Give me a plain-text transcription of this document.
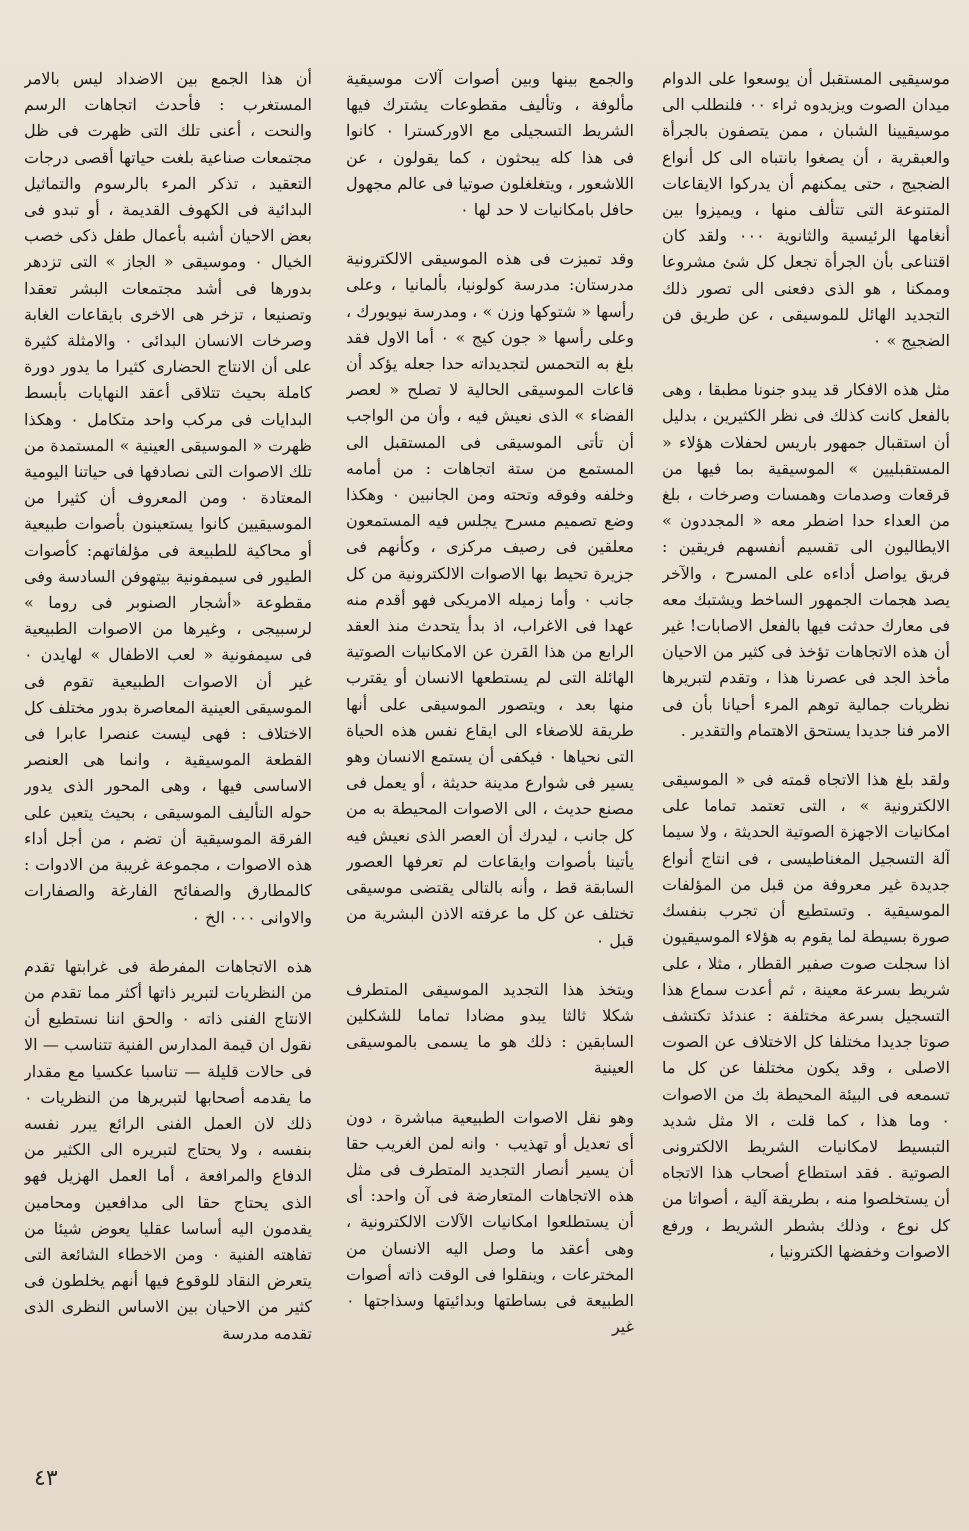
موسيقيى المستقبل أن يوسعوا على الدوام ميدان الصوت ويزيدوه ثراء ٠٠ فلنطلب الى موسيقيينا الشبان ، ممن يتصفون بالجرأة والعبقرية ، أن يصغوا بانتباه الى كل أنواع الضجيج ، حتى يمكنهم أن يدركوا الايقاعات المتنوعة التى تتألف منها ، ويميزوا بين أنغامها الرئيسية والثانوية ٠٠٠ ولقد كان اقتناعى بأن الجرأة تجعل كل شئ مشروعا وممكنا ، هو الذى دفعنى الى تصور ذلك التجديد الهائل للموسيقى ، عن طريق فن الضجيج » ٠

مثل هذه الافكار قد يبدو جنونا مطبقا ، وهى بالفعل كانت كذلك فى نظر الكثيرين ، بدليل أن استقبال جمهور باريس لحفلات هؤلاء « المستقبليين » الموسيقية بما فيها من قرقعات وصدمات وهمسات وصرخات ، بلغ من العداء حدا اضطر معه « المجددون » الايطاليون الى تقسيم أنفسهم فريقين : فريق يواصل أداءه على المسرح ، والآخر يصد هجمات الجمهور الساخط ويشتبك معه فى معارك حدثت فيها بالفعل الاصابات! غير أن هذه الاتجاهات تؤخذ فى كثير من الاحيان مأخذ الجد فى عصرنا هذا ، وتقدم لتبريرها نظريات جمالية توهم المرء أحيانا بأن فى الامر فنا جديدا يستحق الاهتمام والتقدير .

ولقد بلغ هذا الاتجاه قمته فى « الموسيقى الالكترونية » ، التى تعتمد تماما على امكانيات الاجهزة الصوتية الحديثة ، ولا سيما آلة التسجيل المغناطيسى ، فى انتاج أنواع جديدة غير معروفة من قبل من المؤلفات الموسيقية . وتستطيع أن تجرب بنفسك صورة بسيطة لما يقوم به هؤلاء الموسيقيون اذا سجلت صوت صفير القطار ، مثلا ، على شريط بسرعة معينة ، ثم أعدت سماع هذا التسجيل بسرعة مختلفة : عندئذ تكتشف صوتا جديدا مختلفا كل الاختلاف عن الصوت الاصلى ، وقد يكون مختلفا عن كل ما تسمعه فى البيئة المحيطة بك من الاصوات ٠ وما هذا ، كما قلت ، الا مثل شديد التبسيط لامكانيات الشريط الالكترونى الصوتية . فقد استطاع أصحاب هذا الاتجاه أن يستخلصوا منه ، بطريقة آلية ، أصواتا من كل نوع ، وذلك بشطر الشريط ، ورفع الاصوات وخفضها الكترونيا ،

والجمع بينها وبين أصوات آلات موسيقية مألوفة ، وتأليف مقطوعات يشترك فيها الشريط التسجيلى مع الاوركسترا ٠ كانوا فى هذا كله يبحثون ، كما يقولون ، عن اللاشعور ، ويتغلغلون صوتيا فى عالم مجهول حافل بامكانيات لا حد لها ٠

وقد تميزت فى هذه الموسيقى الالكترونية مدرستان: مدرسة كولونيا، بألمانيا ، وعلى رأسها « شتوكها وزن » ، ومدرسة نيويورك ، وعلى رأسها « جون كيج » ٠ أما الاول فقد بلغ به التحمس لتجديداته حدا جعله يؤكد أن قاعات الموسيقى الحالية لا تصلح « لعصر الفضاء » الذى نعيش فيه ، وأن من الواجب أن تأتى الموسيقى فى المستقبل الى المستمع من ستة اتجاهات : من أمامه وخلفه وفوقه وتحته ومن الجانبين ٠ وهكذا وضع تصميم مسرح يجلس فيه المستمعون معلقين فى رصيف مركزى ، وكأنهم فى جزيرة تحيط بها الاصوات الالكترونية من كل جانب ٠ وأما زميله الامريكى فهو أقدم منه عهدا فى الاغراب، اذ بدأ يتحدث منذ العقد الرابع من هذا القرن عن الامكانيات الصوتية الهائلة التى لم يستطعها الانسان أو يقترب منها بعد ، ويتصور الموسيقى على أنها طريقة للاصغاء الى ايقاع نفس هذه الحياة التى نحياها ٠ فيكفى أن يستمع الانسان وهو يسير فى شوارع مدينة حديثة ، أو يعمل فى مصنع حديث ، الى الاصوات المحيطة به من كل جانب ، ليدرك أن العصر الذى نعيش فيه يأتينا بأصوات وايقاعات لم تعرفها العصور السابقة قط ، وأنه بالتالى يقتضى موسيقى تختلف عن كل ما عرفته الاذن البشرية من قبل ٠

ويتخذ هذا التجديد الموسيقى المتطرف شكلا ثالثا يبدو مضادا تماما للشكلين السابقين : ذلك هو ما يسمى بالموسيقى العينية

وهو نقل الاصوات الطبيعية مباشرة ، دون أى تعديل أو تهذيب ٠ وانه لمن الغريب حقا أن يسير أنصار التجديد المتطرف فى مثل هذه الاتجاهات المتعارضة فى آن واحد: أى أن يستطلعوا امكانيات الآلات الالكترونية ، وهى أعقد ما وصل اليه الانسان من المخترعات ، وينقلوا فى الوقت ذاته أصوات الطبيعة فى بساطتها وبدائيتها وسذاجتها ٠ غير

أن هذا الجمع بين الاضداد ليس بالامر المستغرب : فأحدث اتجاهات الرسم والنحت ، أعنى تلك التى ظهرت فى ظل مجتمعات صناعية بلغت حياتها أقصى درجات التعقيد ، تذكر المرء بالرسوم والتماثيل البدائية فى الكهوف القديمة ، أو تبدو فى بعض الاحيان أشبه بأعمال طفل ذكى خصب الخيال ٠ وموسيقى « الجاز » التى تزدهر بدورها فى أشد مجتمعات البشر تعقدا وتصنيعا ، تزخر هى الاخرى بايقاعات الغابة وصرخات الانسان البدائى ٠ والامثلة كثيرة على أن الانتاج الحضارى كثيرا ما يدور دورة كاملة بحيث تتلاقى أعقد النهايات بأبسط البدايات فى مركب واحد متكامل ٠ وهكذا ظهرت « الموسيقى العينية » المستمدة من تلك الاصوات التى نصادفها فى حياتنا اليومية المعتادة ٠ ومن المعروف أن كثيرا من الموسيقيين كانوا يستعينون بأصوات طبيعية أو محاكية للطبيعة فى مؤلفاتهم: كأصوات الطيور فى سيمفونية بيتهوفن السادسة وفى مقطوعة «أشجار الصنوبر فى روما » لرسبيجى ، وغيرها من الاصوات الطبيعية فى سيمفونية « لعب الاطفال » لهايدن ٠ غير أن الاصوات الطبيعية تقوم فى الموسيقى العينية المعاصرة بدور مختلف كل الاختلاف : فهى ليست عنصرا عابرا فى القطعة الموسيقية ، وانما هى العنصر الاساسى فيها ، وهى المحور الذى يدور حوله التأليف الموسيقى ، بحيث يتعين على الفرقة الموسيقية أن تضم ، من أجل أداء هذه الاصوات ، مجموعة غريبة من الادوات : كالمطارق والصفائح الفارغة والصفارات والاوانى ٠٠٠ الخ ٠

هذه الاتجاهات المفرطة فى غرابتها تقدم من النظريات لتبرير ذاتها أكثر مما تقدم من الانتاج الفنى ذاته ٠ والحق اننا نستطيع أن نقول ان قيمة المدارس الفنية تتناسب — الا فى حالات قليلة — تناسبا عكسيا مع مقدار ما يقدمه أصحابها لتبريرها من النظريات ٠ ذلك لان العمل الفنى الرائع يبرر نفسه بنفسه ، ولا يحتاج لتبريره الى الكثير من الدفاع والمرافعة ، أما العمل الهزيل فهو الذى يحتاج حقا الى مدافعين ومحامين يقدمون اليه أساسا عقليا يعوض شيئا من تفاهته الفنية ٠ ومن الاخطاء الشائعة التى يتعرض النقاد للوقوع فيها أنهم يخلطون فى كثير من الاحيان بين الاساس النظرى الذى تقدمه مدرسة

٤٣
